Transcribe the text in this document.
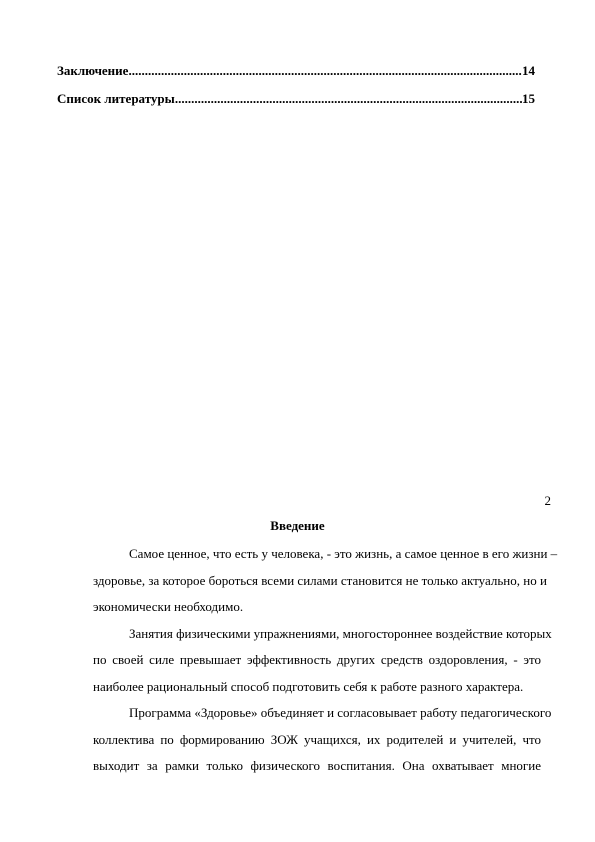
Заключение .....	14
Список литературы .....	15
2
Введение
Самое ценное, что есть у человека, - это жизнь, а самое ценное в его жизни –
здоровье, за которое бороться всеми силами становится не только актуально, но и
экономически необходимо.
Занятия физическими упражнениями, многостороннее воздействие которых
по своей силе превышает эффективность других средств оздоровления, - это
наиболее рациональный способ подготовить себя к работе разного характера.
Программа «Здоровье» объединяет и согласовывает работу педагогического
коллектива по формированию ЗОЖ учащихся, их родителей и учителей, что
выходит за рамки только физического воспитания. Она охватывает многие
